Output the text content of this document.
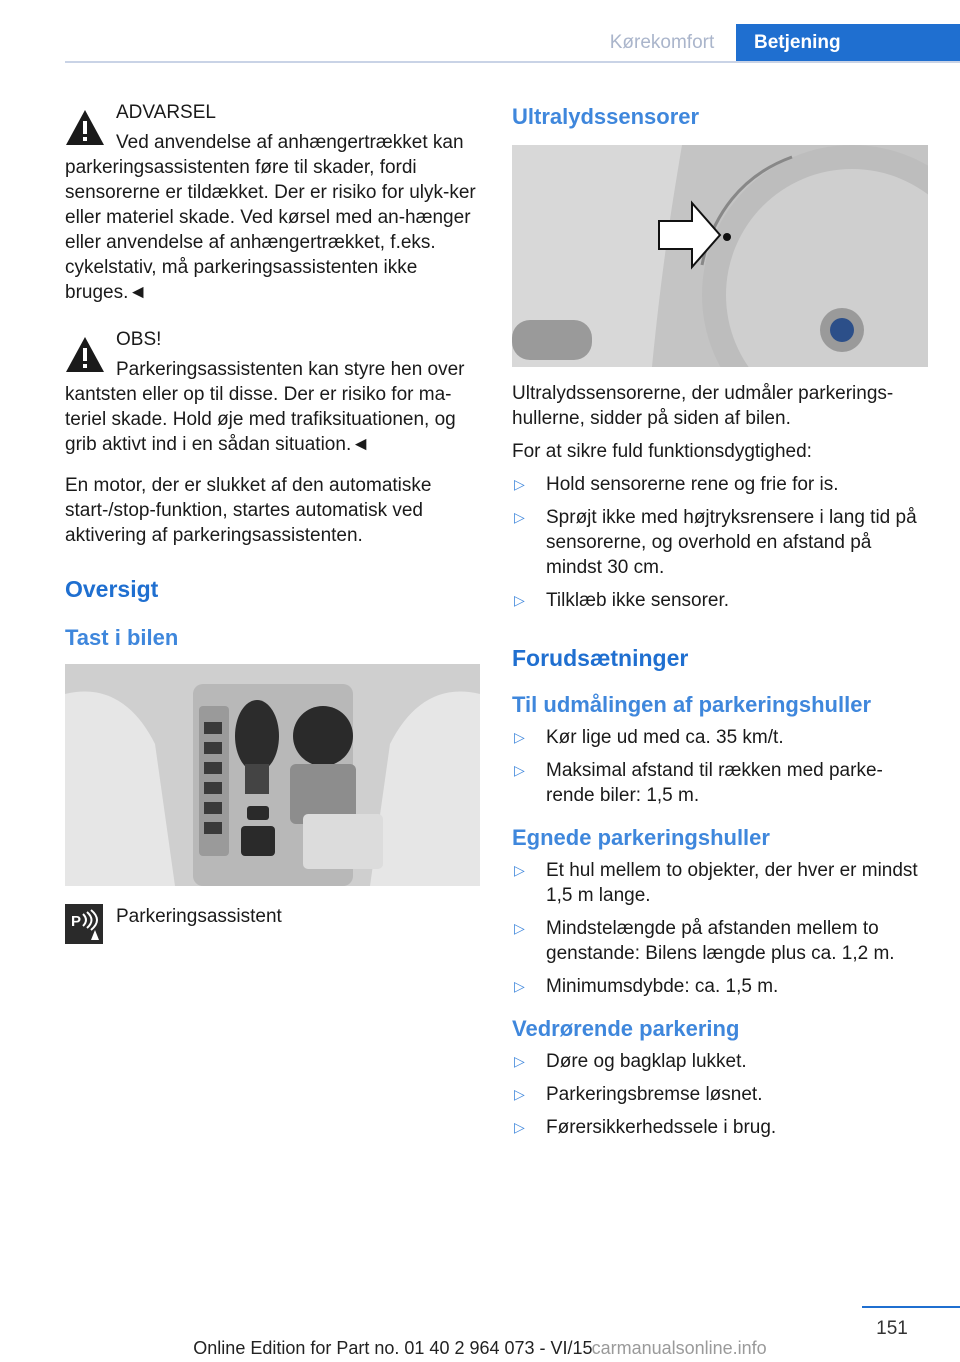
Kørekomfort	Betjening

ADVARSEL

Ved anvendelse af anhængertrækket kan parkeringsassistenten føre til skader, fordi sensorerne er tildækket. Der er risiko for ulyk‐ker eller materiel skade. Ved kørsel med an‐hænger eller anvendelse af anhængertrækket, f.eks. cykelstativ, må parkeringsassistenten ikke bruges.◄

OBS!

Parkeringsassistenten kan styre hen over kantsten eller op til disse. Der er risiko for ma‐teriel skade. Hold øje med trafiksituationen, og grib aktivt ind i en sådan situation.◄

En motor, der er slukket af den automatiske start-/stop-funktion, startes automatisk ved aktivering af parkeringsassistenten.

Oversigt
Tast i bilen
P Parkeringsassistent

Ultralydssensorer

Ultralydssensorerne, der udmåler parkerings‐hullerne, sidder på siden af bilen.

For at sikre fuld funktionsdygtighed:

▷ Hold sensorerne rene og frie for is.
▷ Sprøjt ikke med højtryksrensere i lang tid på sensorerne, og overhold en afstand på mindst 30 cm.
▷ Tilklæb ikke sensorer.
Forudsætninger
Til udmålingen af parkeringshuller
▷ Kør lige ud med ca. 35 km/t.
▷ Maksimal afstand til rækken med parke‐rende biler: 1,5 m.
Egnede parkeringshuller
▷ Et hul mellem to objekter, der hver er mindst 1,5 m lange.
▷ Mindstelængde på afstanden mellem to genstande: Bilens længde plus ca. 1,2 m.
▷ Minimumsdybde: ca. 1,5 m.
Vedrørende parkering
▷ Døre og bagklap lukket.
▷ Parkeringsbremse løsnet.
▷ Førersikkerhedssele i brug.
151
Online Edition for Part no. 01 40 2 964 073 - VI/15 carmanualsonline.info
